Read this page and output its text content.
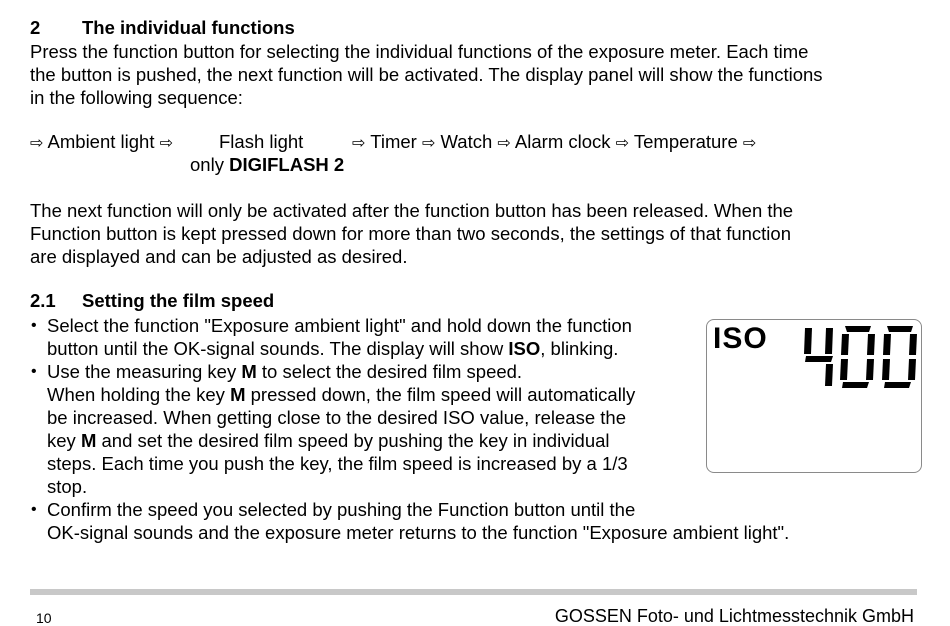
2 The individual functions
Press the function button for selecting the individual functions of the exposure meter. Each time
the button is pushed, the next function will be activated. The display panel will show the functions
in the following sequence:
⇨ Ambient light ⇨ Flash light	⇨ Timer ⇨ Watch ⇨ Alarm clock ⇨ Temperature ⇨
only DIGIFLASH 2
The next function will only be activated after the function button has been released. When the
Function button is kept pressed down for more than two seconds, the settings of that function
are displayed and can be adjusted as desired.
2.1 Setting the film speed
• Select the function "Exposure ambient light" and hold down the function
button until the OK-signal sounds. The display will show ISO, blinking.
• Use the measuring key M to select the desired film speed.
When holding the key M pressed down, the film speed will automatically
be increased. When getting close to the desired ISO value, release the
key M and set the desired film speed by pushing the key in individual
steps. Each time you push the key, the film speed is increased by a 1/3
stop.
• Confirm the speed you selected by pushing the Function button until the
OK-signal sounds and the exposure meter returns to the function "Exposure ambient light".
ISO
10	GOSSEN Foto- und Lichtmesstechnik GmbH
